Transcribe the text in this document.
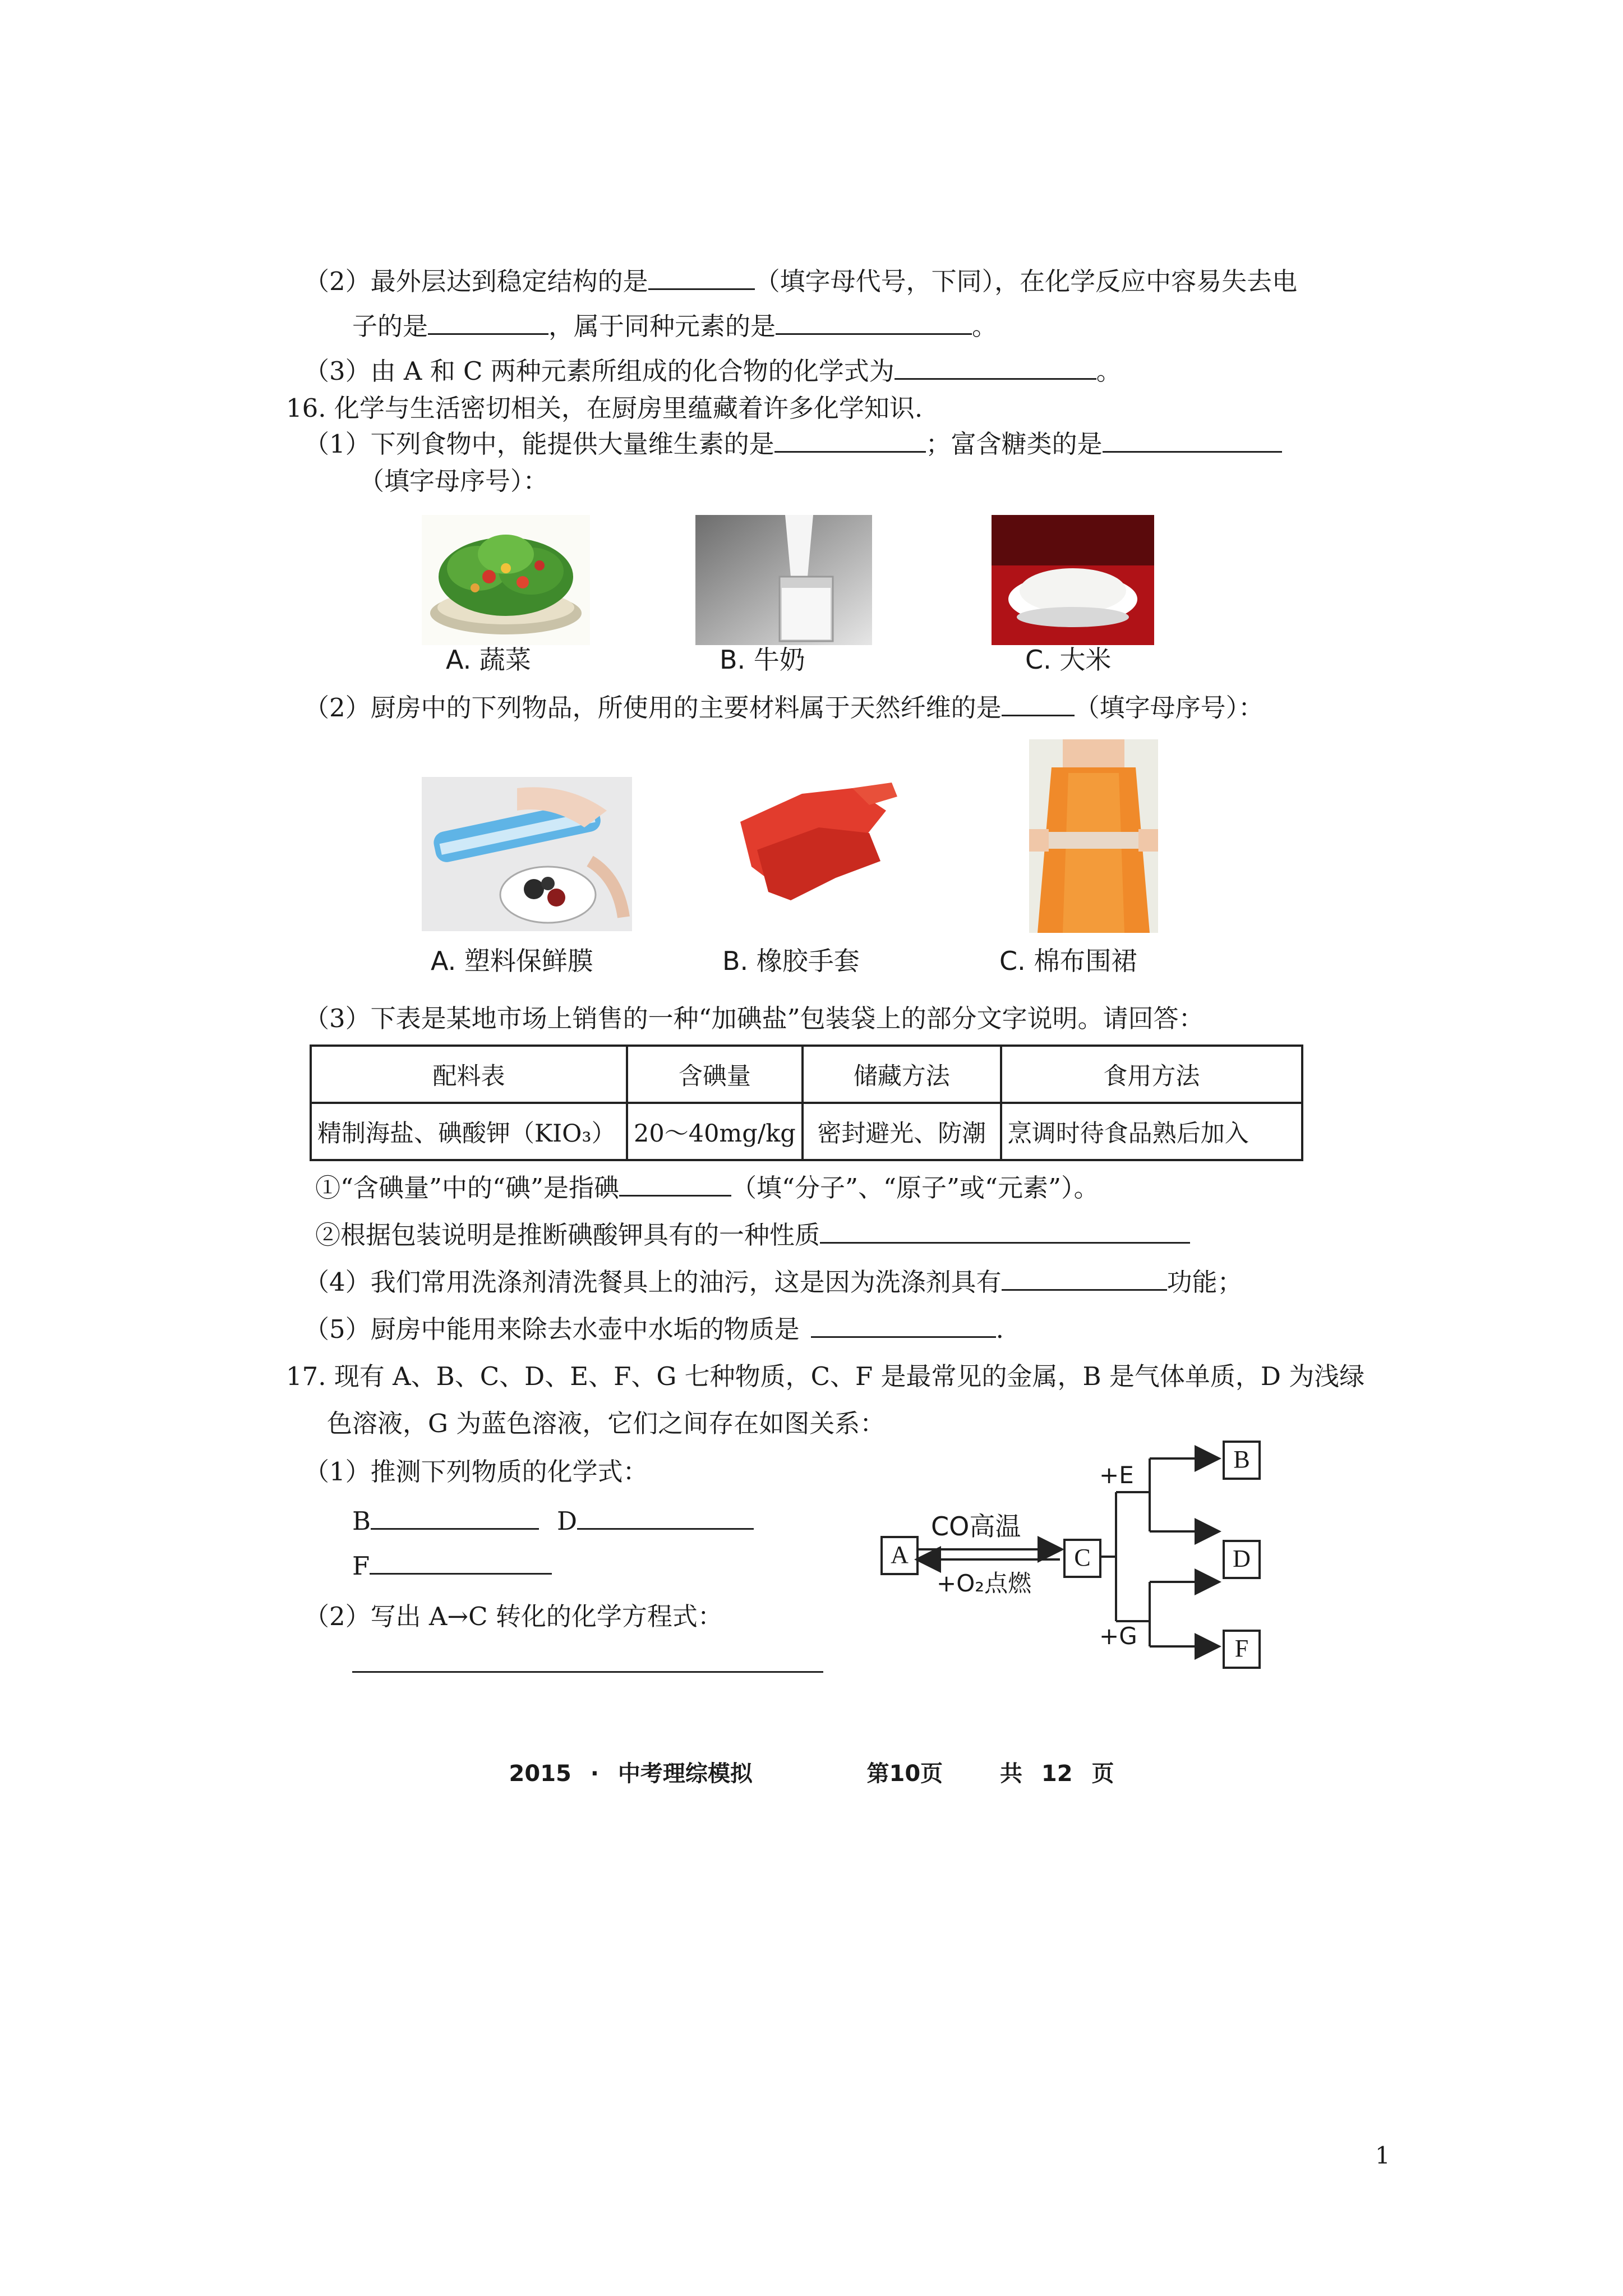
（2）最外层达到稳定结构的是	（填字母代号，下同），在化学反应中容易失去电
子的是	，属于同种元素的是	。
（3）由 A 和 C 两种元素所组成的化合物的化学式为	。
16. 化学与生活密切相关，在厨房里蕴藏着许多化学知识.
（1）下列食物中，能提供大量维生素的是	；富含糖类的是
（填字母序号）：
A. 蔬菜	B. 牛奶	C. 大米
（2）厨房中的下列物品，所使用的主要材料属于天然纤维的是	（填字母序号）：
A. 塑料保鲜膜	B. 橡胶手套	C. 棉布围裙
（3）下表是某地市场上销售的一种“加碘盐”包装袋上的部分文字说明。请回答：
配料表	含碘量	储藏方法	食用方法
精制海盐、碘酸钾（KIO₃）	20～40mg/kg	密封避光、防潮	烹调时待食品熟后加入
①“含碘量”中的“碘”是指碘	（填“分子”、“原子”或“元素”）。
②根据包装说明是推断碘酸钾具有的一种性质
（4）我们常用洗涤剂清洗餐具上的油污，这是因为洗涤剂具有	功能；
（5）厨房中能用来除去水壶中水垢的物质是	.
17. 现有 A、B、C、D、E、F、G 七种物质，C、F 是最常见的金属，B 是气体单质，D 为浅绿
色溶液，G 为蓝色溶液，它们之间存在如图关系：
（1）推测下列物质的化学式：
B	D
F
（2）写出 A→C 转化的化学方程式：
A	C
B
D
F
CO高温
+O₂点燃
+E
+G
2015 · 中考理综模拟	第10页	共 12 页
1
